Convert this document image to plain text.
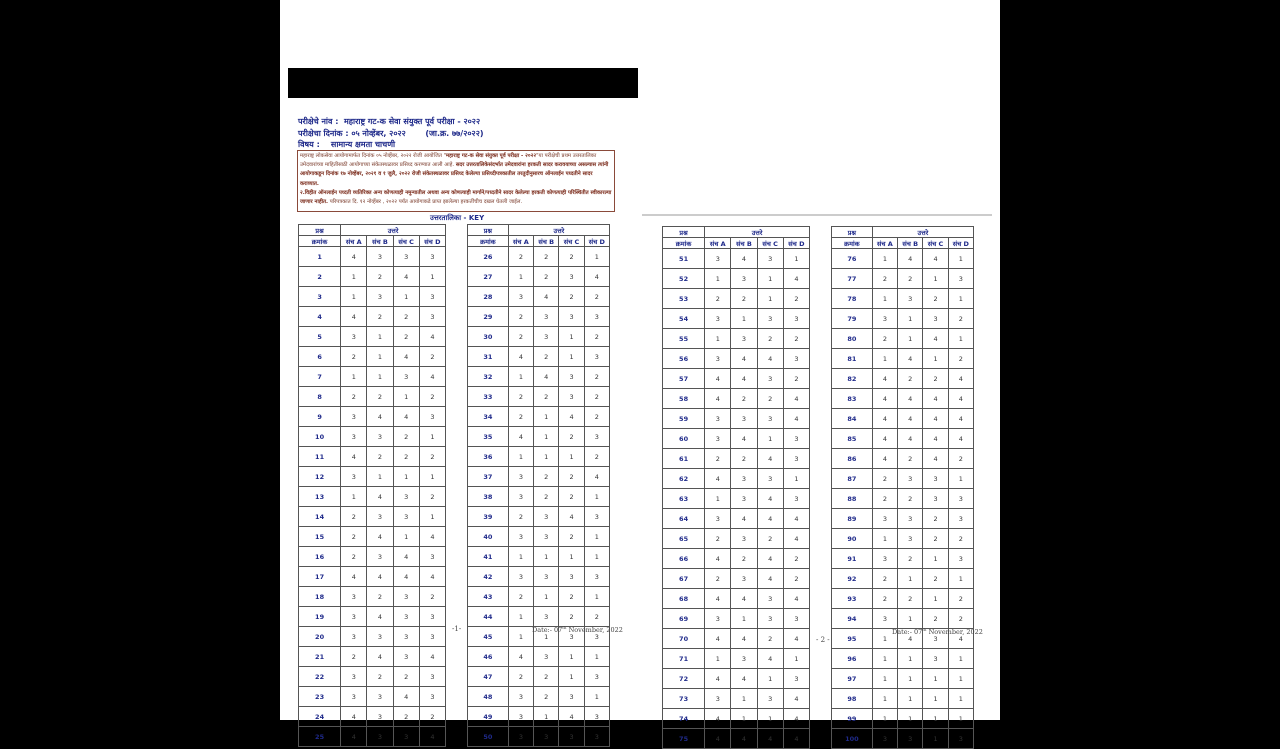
परीक्षेचे नांव : महाराष्ट्र गट-क सेवा संयुक्त पूर्व परीक्षा - २०२२
परीक्षेचा दिनांक : ०५ नोव्हेंबर, २०२२ (जा.क्र. ७७/२०२२)
विषय : सामान्य क्षमता चाचणी
महाराष्ट्र लोकसेवा आयोगामार्फत दिनांक ०५ नोव्हेंबर, २०२२ रोजी आयोजित "महाराष्ट्र गट-क सेवा संयुक्त पूर्व परीक्षा - २०२२"या परीक्षेची प्रथम उत्तरतालिका उमेदवारांच्या माहितीसाठी आयोगाच्या संकेतस्थळावर प्रसिध्द करण्यात आली आहे. सदर उत्तरतालिकेसंदर्भात उमेदवारांना हरकती सादर करावयाच्या असल्यास त्यांनी आयोगाकडून दिनांक १७ नोव्हेंबर, २०२१ व १ जुलै, २०२२ रोजी संकेतस्थळावर प्रसिध्द केलेल्या प्रसिध्दीपत्रकातील तरतुदीनुसारच ऑनलाईन पध्दतीने सादर कराव्यात.
२.विहीत ऑनलाईन पध्दती व्यतिरिक्त अन्य कोणत्याही नमुन्यातील अथवा अन्य कोणत्याही मार्गाने/पध्दतीने सादर केलेल्या हरकती कोणत्याही परिस्थितीत स्वीकारल्या जाणार नाहीत. परिपत्रकात दि. १२ नोव्हेंबर , २०२२ पर्यंत आयोगाकडे प्राप्त झालेल्या हरकतींचीच दखल घेतली जाईल.
उत्तरतालिका - KEY
प्रश्न	उत्तरे			
क्रमांक	संच A	संच B	संच C	संच D
1	4	3	3	3
2	1	2	4	1
3	1	3	1	3
4	4	2	2	3
5	3	1	2	4
6	2	1	4	2
7	1	1	3	4
8	2	2	1	2
9	3	4	4	3
10	3	3	2	1
11	4	2	2	2
12	3	1	1	1
13	1	4	3	2
14	2	3	3	1
15	2	4	1	4
16	2	3	4	3
17	4	4	4	4
18	3	2	3	2
19	3	4	3	3
20	3	3	3	3
21	2	4	3	4
22	3	2	2	3
23	3	3	4	3
24	4	3	2	2
25	4	3	3	4
प्रश्न	उत्तरे			
क्रमांक	संच A	संच B	संच C	संच D
26	2	2	2	1
27	1	2	3	4
28	3	4	2	2
29	2	3	3	3
30	2	3	1	2
31	4	2	1	3
32	1	4	3	2
33	2	2	3	2
34	2	1	4	2
35	4	1	2	3
36	1	1	1	2
37	3	2	2	4
38	3	2	2	1
39	2	3	4	3
40	3	3	2	1
41	1	1	1	1
42	3	3	3	3
43	2	1	2	1
44	1	3	2	2
45	1	1	3	3
46	4	3	1	1
47	2	2	1	3
48	3	2	3	1
49	3	1	4	3
50	3	3	3	3
प्रश्न	उत्तरे			
क्रमांक	संच A	संच B	संच C	संच D
51	3	4	3	1
52	1	3	1	4
53	2	2	1	2
54	3	1	3	3
55	1	3	2	2
56	3	4	4	3
57	4	4	3	2
58	4	2	2	4
59	3	3	3	4
60	3	4	1	3
61	2	2	4	3
62	4	3	3	1
63	1	3	4	3
64	3	4	4	4
65	2	3	2	4
66	4	2	4	2
67	2	3	4	2
68	4	4	3	4
69	3	1	3	3
70	4	4	2	4
71	1	3	4	1
72	4	4	1	3
73	3	1	3	4
74	4	1	1	4
75	4	4	4	4
प्रश्न	उत्तरे			
क्रमांक	संच A	संच B	संच C	संच D
76	1	4	4	1
77	2	2	1	3
78	1	3	2	1
79	3	1	3	2
80	2	1	4	1
81	1	4	1	2
82	4	2	2	4
83	4	4	4	4
84	4	4	4	4
85	4	4	4	4
86	4	2	4	2
87	2	3	3	1
88	2	2	3	3
89	3	3	2	3
90	1	3	2	2
91	3	2	1	3
92	2	1	2	1
93	2	2	1	2
94	3	1	2	2
95	1	4	3	4
96	1	1	3	1
97	1	1	1	1
98	1	1	1	1
99	1	1	1	1
100	3	3	1	3
-1-	Date:- 07th November, 2022
- 2 -
Date:- 07th November, 2022
